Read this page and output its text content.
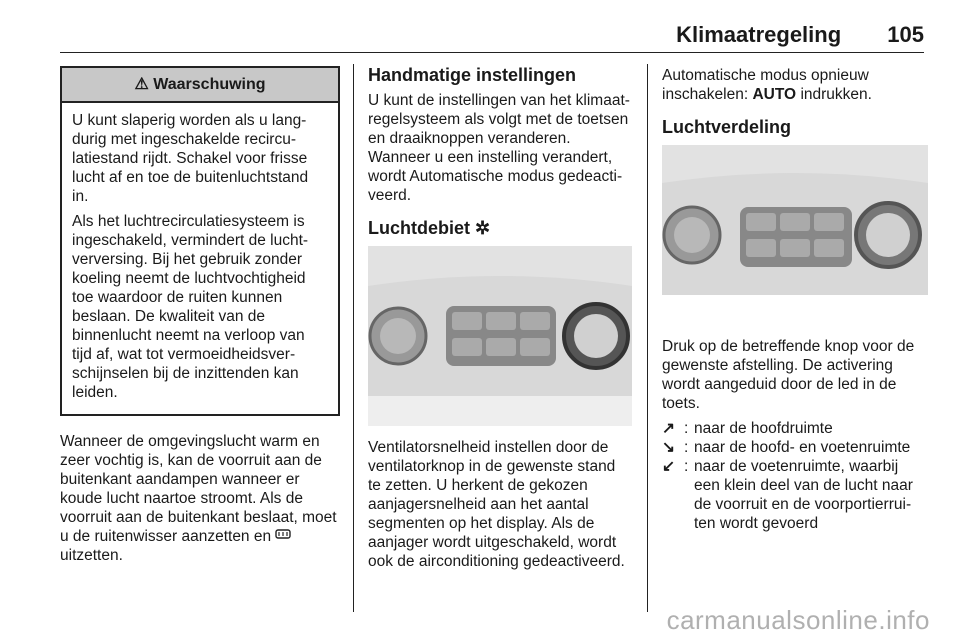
Klimaatregeling 105
⚠ Waarschuwing

U kunt slaperig worden als u lang-durig met ingeschakelde recircu-latiestand rijdt. Schakel voor frisse lucht af en toe de buitenluchtstand in.

Als het luchtrecirculatiesysteem is ingeschakeld, vermindert de lucht-verversing. Bij het gebruik zonder koeling neemt de luchtvochtigheid toe waardoor de ruiten kunnen beslaan. De kwaliteit van de binnenlucht neemt na verloop van tijd af, wat tot vermoeidheidsver-schijnselen bij de inzittenden kan leiden.

Wanneer de omgevingslucht warm en zeer vochtig is, kan de voorruit aan de buitenkant aandampen wanneer er koude lucht naartoe stroomt. Als de voorruit aan de buitenkant beslaat, moet u de ruitenwisser aanzetten en  uitzetten.

Handmatige instellingen

U kunt de instellingen van het klimaat-regelsysteem als volgt met de toetsen en draaiknoppen veranderen. Wanneer u een instelling verandert, wordt Automatische modus gedeacti-veerd.

Luchtdebiet ✲

Ventilatorsnelheid instellen door de ventilatorknop in de gewenste stand te zetten. U herkent de gekozen aanjagersnelheid aan het aantal segmenten op het display. Als de aanjager wordt uitgeschakeld, wordt ook de airconditioning gedeactiveerd.

Automatische modus opnieuw inschakelen: AUTO indrukken.

Luchtverdeling

Druk op de betreffende knop voor de gewenste afstelling. De activering wordt aangeduid door de led in de toets.

↗ : naar de hoofdruimte
↘ : naar de hoofd- en voetenruimte
↙ : naar de voetenruimte, waarbij een klein deel van de lucht naar de voorruit en de voorportierrui-ten wordt gevoerd
carmanualsonline.info
